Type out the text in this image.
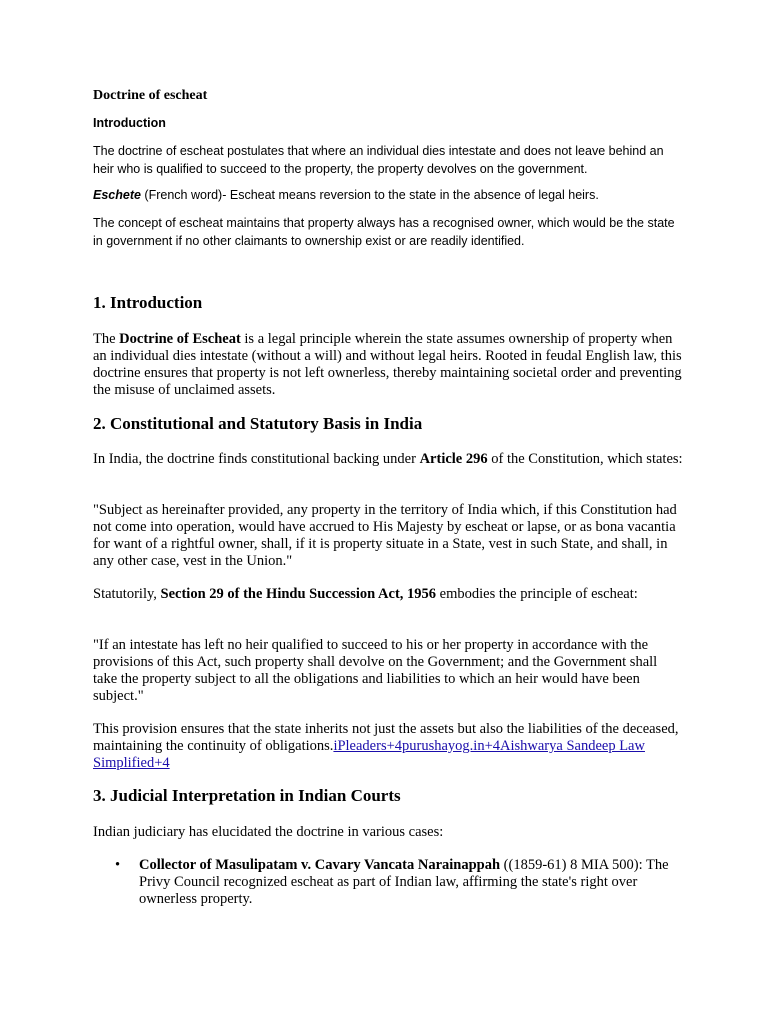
Doctrine of escheat
Introduction

The doctrine of escheat postulates that where an individual dies intestate and does not leave behind an heir who is qualified to succeed to the property, the property devolves on the government.

Eschete (French word)- Escheat means reversion to the state in the absence of legal heirs.

The concept of escheat maintains that property always has a recognised owner, which would be the state in government if no other claimants to ownership exist or are readily identified.

1. Introduction

The Doctrine of Escheat is a legal principle wherein the state assumes ownership of property when an individual dies intestate (without a will) and without legal heirs. Rooted in feudal English law, this doctrine ensures that property is not left ownerless, thereby maintaining societal order and preventing the misuse of unclaimed assets.

2. Constitutional and Statutory Basis in India

In India, the doctrine finds constitutional backing under Article 296 of the Constitution, which states:

"Subject as hereinafter provided, any property in the territory of India which, if this Constitution had not come into operation, would have accrued to His Majesty by escheat or lapse, or as bona vacantia for want of a rightful owner, shall, if it is property situate in a State, vest in such State, and shall, in any other case, vest in the Union."

Statutorily, Section 29 of the Hindu Succession Act, 1956 embodies the principle of escheat:

"If an intestate has left no heir qualified to succeed to his or her property in accordance with the provisions of this Act, such property shall devolve on the Government; and the Government shall take the property subject to all the obligations and liabilities to which an heir would have been subject."

This provision ensures that the state inherits not just the assets but also the liabilities of the deceased, maintaining the continuity of obligations.iPleaders+4purushayog.in+4Aishwarya Sandeep Law Simplified+4

3. Judicial Interpretation in Indian Courts

Indian judiciary has elucidated the doctrine in various cases:

• Collector of Masulipatam v. Cavary Vancata Narainappah ((1859-61) 8 MIA 500): The Privy Council recognized escheat as part of Indian law, affirming the state's right over ownerless property.
